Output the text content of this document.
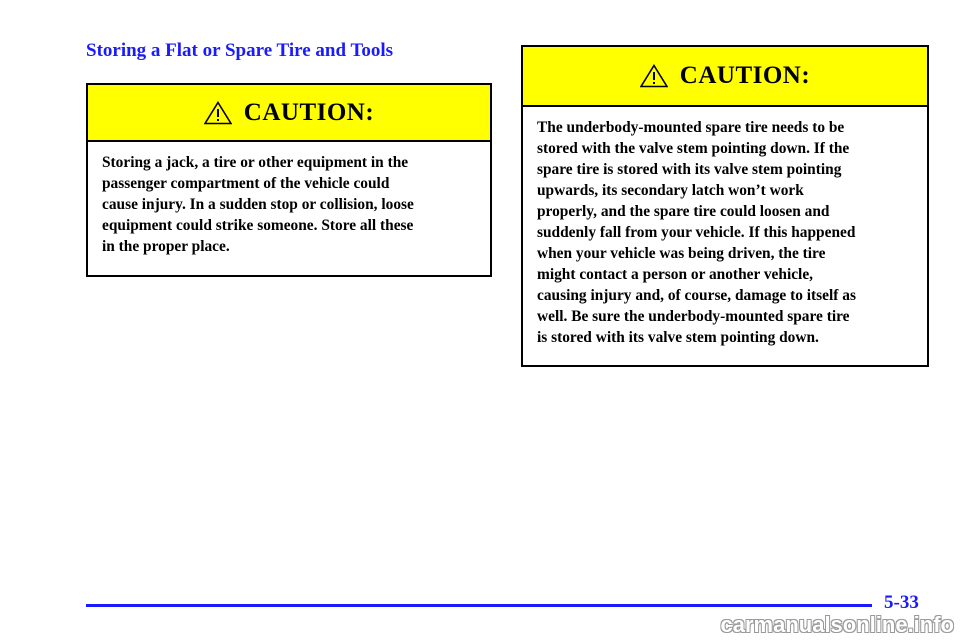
Storing a Flat or Spare Tire and Tools
CAUTION:
Storing a jack, a tire or other equipment in the
passenger compartment of the vehicle could
cause injury. In a sudden stop or collision, loose
equipment could strike someone. Store all these
in the proper place.
CAUTION:
The underbody‑mounted spare tire needs to be
stored with the valve stem pointing down. If the
spare tire is stored with its valve stem pointing
upwards, its secondary latch won’t work
properly, and the spare tire could loosen and
suddenly fall from your vehicle. If this happened
when your vehicle was being driven, the tire
might contact a person or another vehicle,
causing injury and, of course, damage to itself as
well. Be sure the underbody‑mounted spare tire
is stored with its valve stem pointing down.
5-33
carmanualsonline.info
